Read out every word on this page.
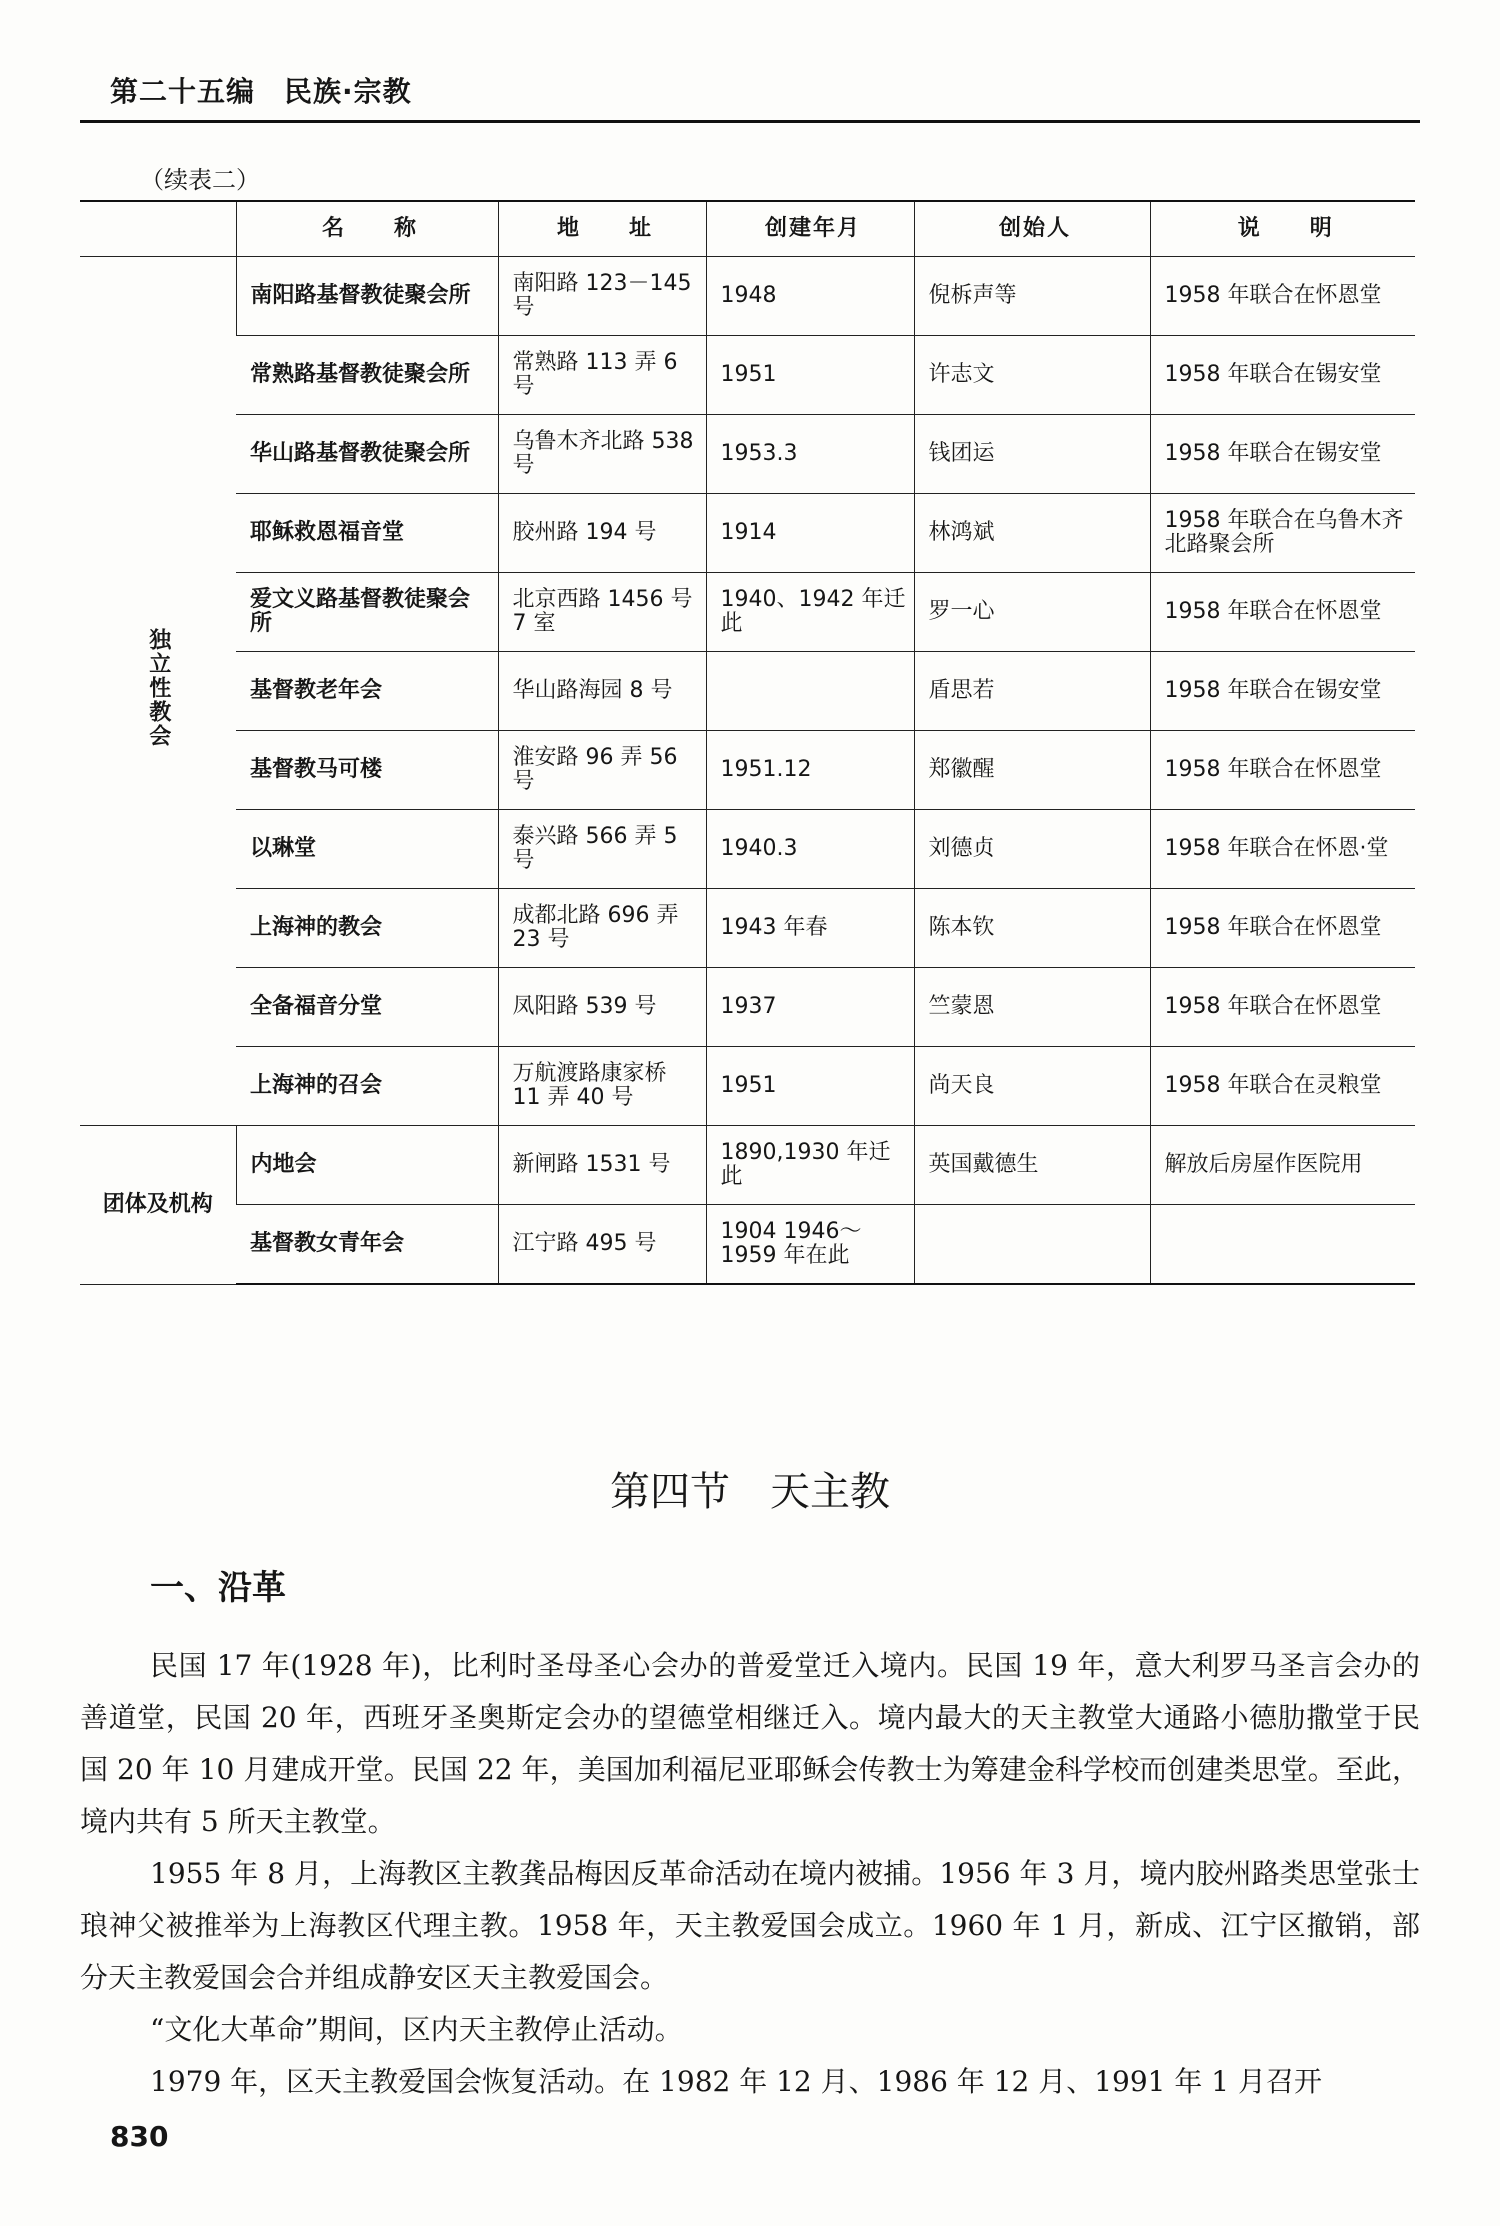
第二十五编　民族·宗教
（续表二）
	名　　称	地　　址	创建年月	创始人	说　　明
独立性教会	南阳路基督教徒聚会所	南阳路 123－145 号	1948	倪柝声等	1958 年联合在怀恩堂
	常熟路基督教徒聚会所	常熟路 113 弄 6 号	1951	许志文	1958 年联合在锡安堂
	华山路基督教徒聚会所	乌鲁木齐北路 538 号	1953.3	钱团运	1958 年联合在锡安堂
	耶稣救恩福音堂	胶州路 194 号	1914	林鸿斌	1958 年联合在乌鲁木齐北路聚会所
	爱文义路基督教徒聚会所	北京西路 1456 号 7 室	1940、1942 年迁此	罗一心	1958 年联合在怀恩堂
	基督教老年会	华山路海园 8 号		盾思若	1958 年联合在锡安堂
	基督教马可楼	淮安路 96 弄 56 号	1951.12	郑徽醒	1958 年联合在怀恩堂
	以琳堂	泰兴路 566 弄 5 号	1940.3	刘德贞	1958 年联合在怀恩·堂
	上海神的教会	成都北路 696 弄 23 号	1943 年春	陈本钦	1958 年联合在怀恩堂
	全备福音分堂	凤阳路 539 号	1937	竺蒙恩	1958 年联合在怀恩堂
	上海神的召会	万航渡路康家桥 11 弄 40 号	1951	尚天良	1958 年联合在灵粮堂
团体及机构	内地会	新闸路 1531 号	1890,1930 年迁此	英国戴德生	解放后房屋作医院用
	基督教女青年会	江宁路 495 号	1904 1946～1959 年在此		
第四节　天主教
一、沿革

民国 17 年(1928 年)，比利时圣母圣心会办的普爱堂迁入境内。民国 19 年，意大利罗马圣言会办的善道堂，民国 20 年，西班牙圣奥斯定会办的望德堂相继迁入。境内最大的天主教堂大通路小德肋撒堂于民国 20 年 10 月建成开堂。民国 22 年，美国加利福尼亚耶稣会传教士为筹建金科学校而创建类思堂。至此，境内共有 5 所天主教堂。

1955 年 8 月，上海教区主教龚品梅因反革命活动在境内被捕。1956 年 3 月，境内胶州路类思堂张士琅神父被推举为上海教区代理主教。1958 年，天主教爱国会成立。1960 年 1 月，新成、江宁区撤销，部分天主教爱国会合并组成静安区天主教爱国会。

“文化大革命”期间，区内天主教停止活动。

1979 年，区天主教爱国会恢复活动。在 1982 年 12 月、1986 年 12 月、1991 年 1 月召开

830
